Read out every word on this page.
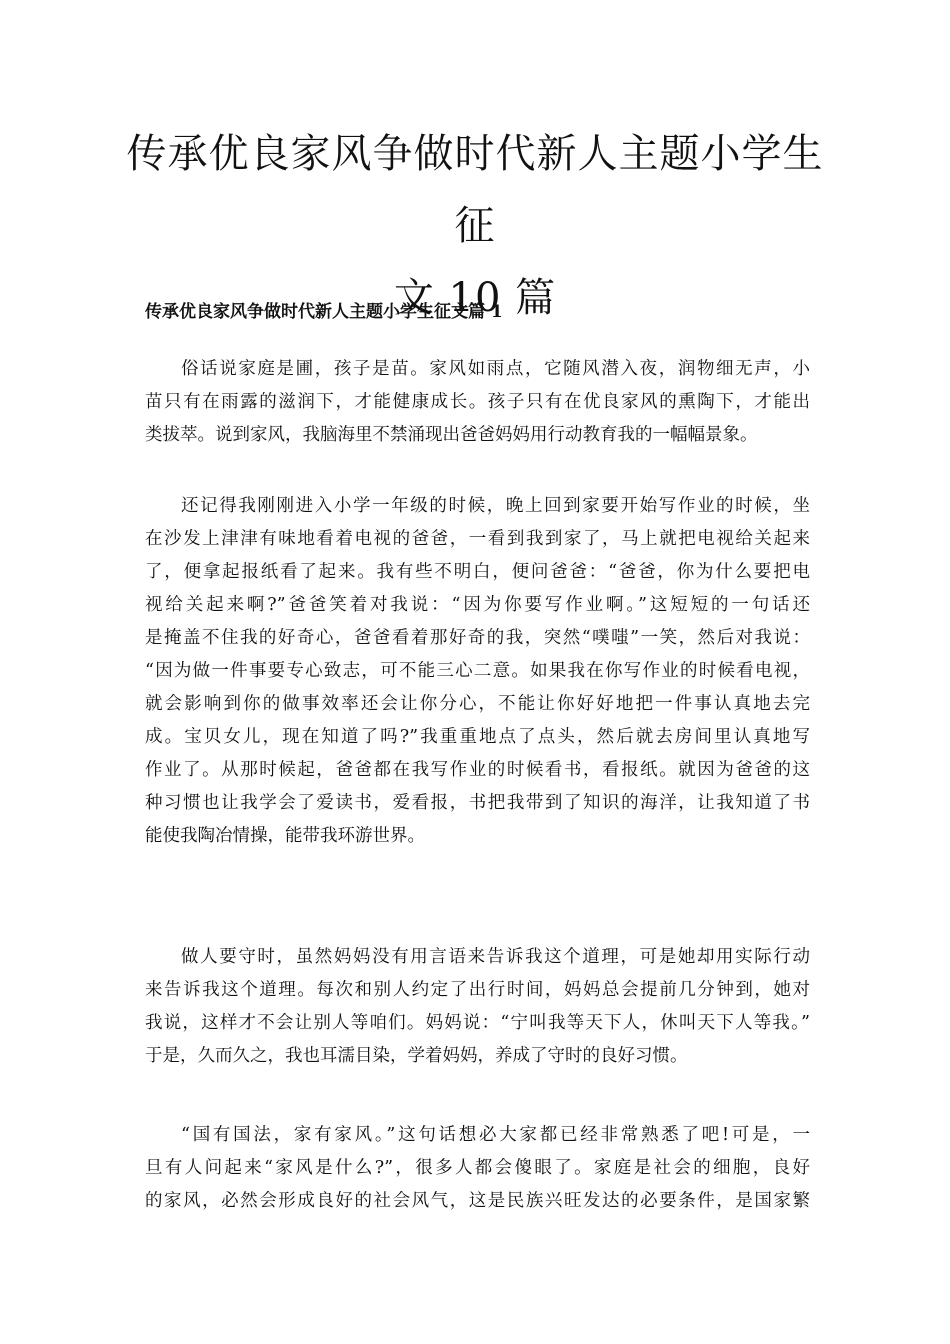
传承优良家风争做时代新人主题小学生征
文 10 篇
传承优良家风争做时代新人主题小学生征文篇 1

俗话说家庭是圃，孩子是苗。家风如雨点，它随风潜入夜，润物细无声，小
苗只有在雨露的滋润下，才能健康成长。孩子只有在优良家风的熏陶下，才能出
类拔萃。说到家风，我脑海里不禁涌现出爸爸妈妈用行动教育我的一幅幅景象。

还记得我刚刚进入小学一年级的时候，晚上回到家要开始写作业的时候，坐
在沙发上津津有味地看着电视的爸爸，一看到我到家了，马上就把电视给关起来
了，便拿起报纸看了起来。我有些不明白，便问爸爸：“爸爸，你为什么要把电
视给关起来啊?”爸爸笑着对我说：“因为你要写作业啊。”这短短的一句话还
是掩盖不住我的好奇心，爸爸看着那好奇的我，突然“噗嗤”一笑，然后对我说：
“因为做一件事要专心致志，可不能三心二意。如果我在你写作业的时候看电视，
就会影响到你的做事效率还会让你分心，不能让你好好地把一件事认真地去完
成。宝贝女儿，现在知道了吗?”我重重地点了点头，然后就去房间里认真地写
作业了。从那时候起，爸爸都在我写作业的时候看书，看报纸。就因为爸爸的这
种习惯也让我学会了爱读书，爱看报，书把我带到了知识的海洋，让我知道了书
能使我陶冶情操，能带我环游世界。

做人要守时，虽然妈妈没有用言语来告诉我这个道理，可是她却用实际行动
来告诉我这个道理。每次和别人约定了出行时间，妈妈总会提前几分钟到，她对
我说，这样才不会让别人等咱们。妈妈说：“宁叫我等天下人，休叫天下人等我。”
于是，久而久之，我也耳濡目染，学着妈妈，养成了守时的良好习惯。

“国有国法，家有家风。”这句话想必大家都已经非常熟悉了吧!可是，一
旦有人问起来“家风是什么?”，很多人都会傻眼了。家庭是社会的细胞，良好
的家风，必然会形成良好的社会风气，这是民族兴旺发达的必要条件，是国家繁
